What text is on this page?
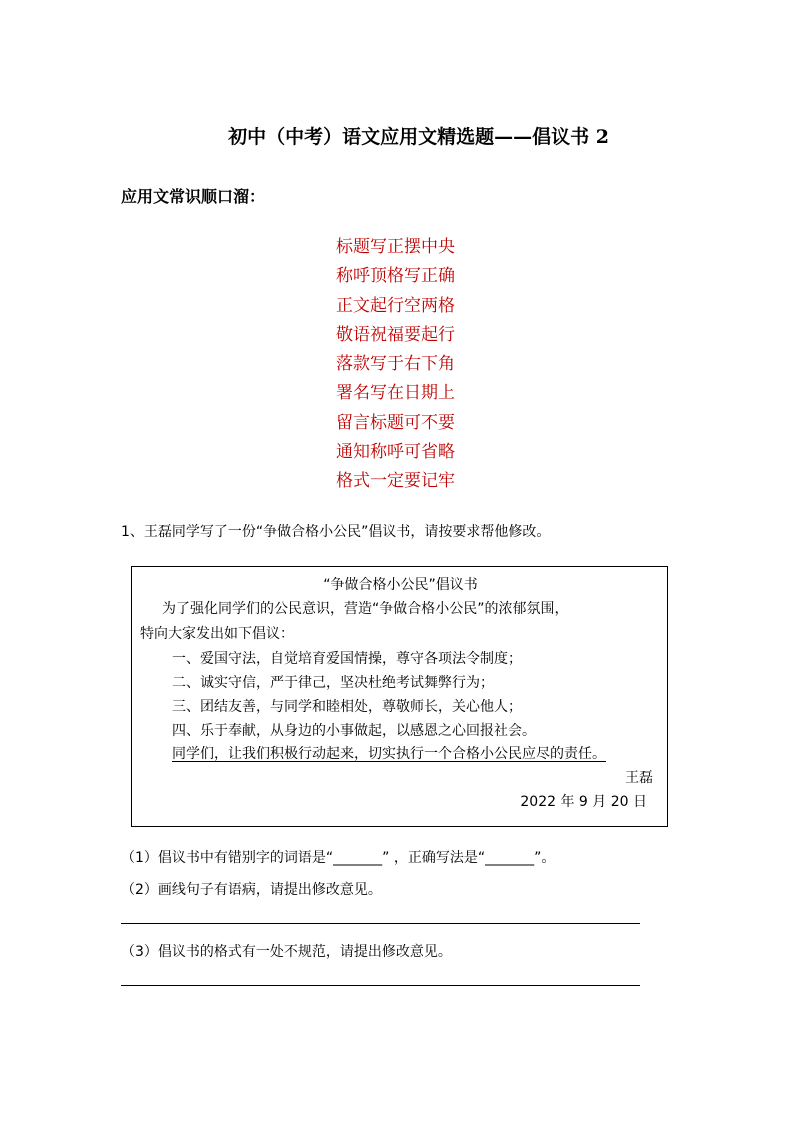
初中（中考）语文应用文精选题——倡议书 2
应用文常识顺口溜：
标题写正摆中央
称呼顶格写正确
正文起行空两格
敬语祝福要起行
落款写于右下角
署名写在日期上
留言标题可不要
通知称呼可省略
格式一定要记牢
1、王磊同学写了一份“争做合格小公民”倡议书，请按要求帮他修改。
“争做合格小公民”倡议书
为了强化同学们的公民意识，营造“争做合格小公民”的浓郁氛围，
特向大家发出如下倡议：
一、爱国守法，自觉培育爱国情操，尊守各项法令制度；
二、诚实守信，严于律己，坚决杜绝考试舞弊行为；
三、团结友善，与同学和睦相处，尊敬师长，关心他人；
四、乐于奉献，从身边的小事做起，以感恩之心回报社会。
同学们，让我们积极行动起来，切实执行一个合格小公民应尽的责任。
王磊
2022 年 9 月 20 日
（1）倡议书中有错别字的词语是“_______” ，正确写法是“_______”。
（2）画线句子有语病，请提出修改意见。
（3）倡议书的格式有一处不规范，请提出修改意见。
